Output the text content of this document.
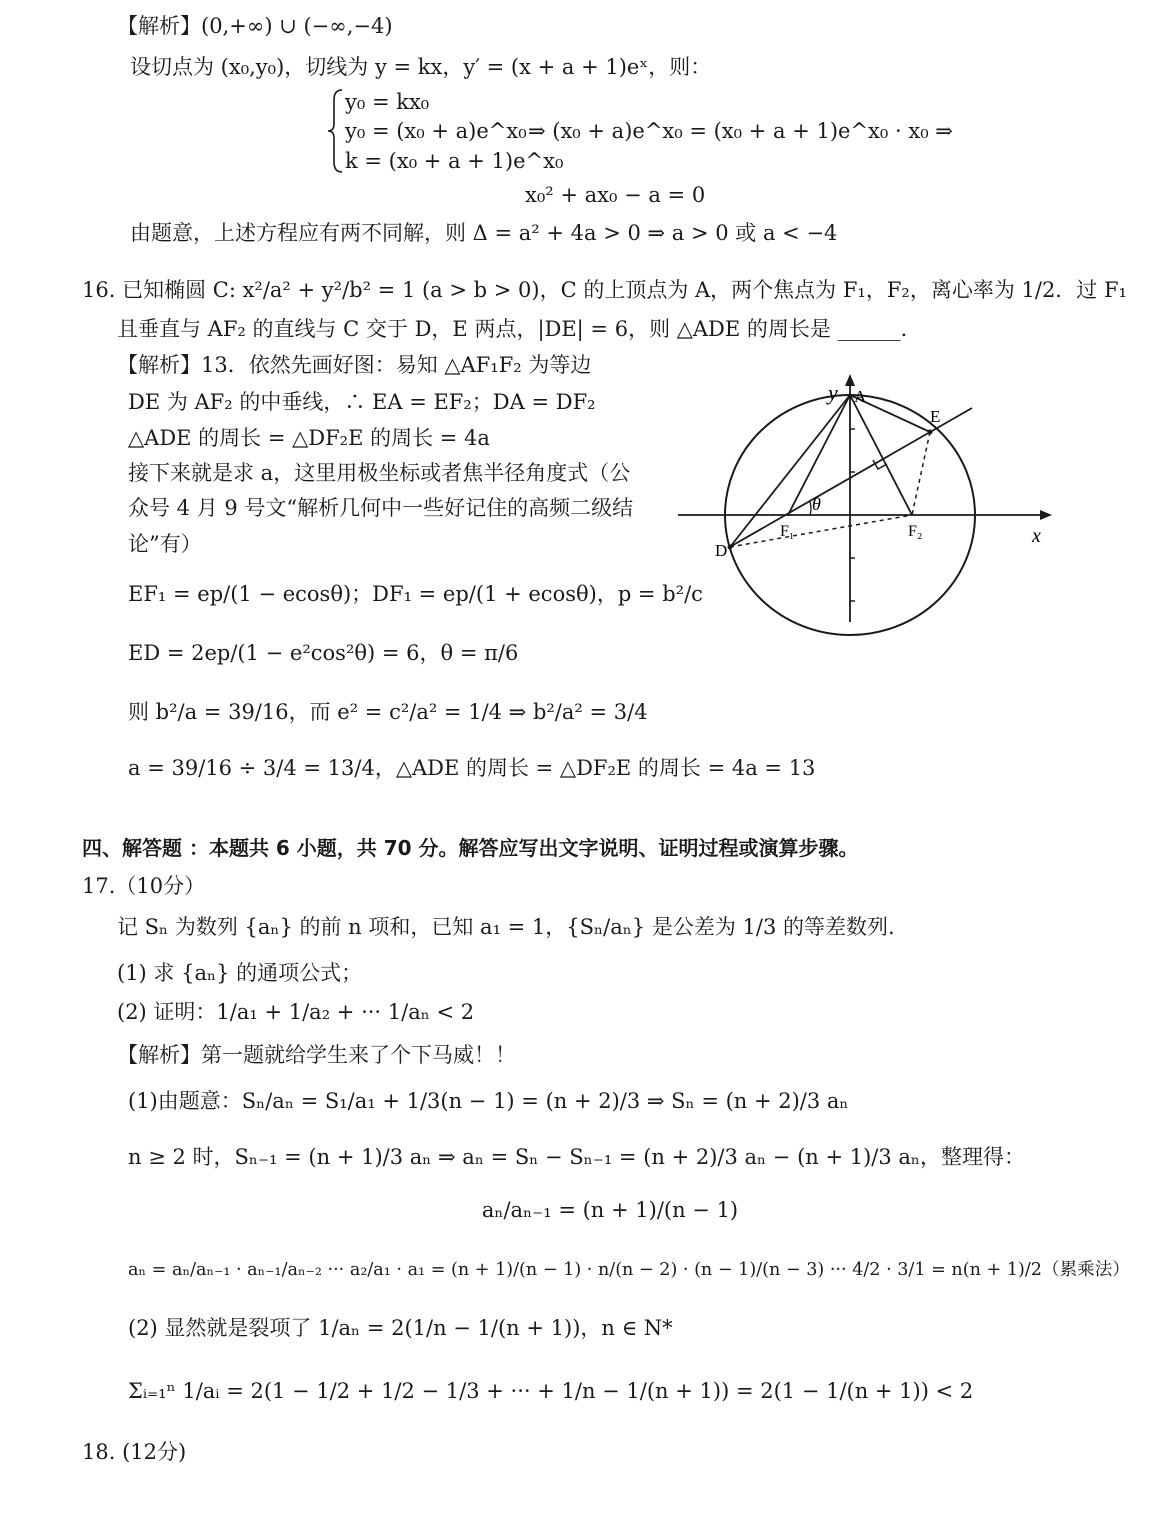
【解析】(0,+∞) ∪ (−∞,−4)
设切点为 (x₀,y₀)，切线为 y = kx，y′ = (x + a + 1)eˣ，则：
y₀ = kx₀
y₀ = (x₀ + a)e^x₀
k = (x₀ + a + 1)e^x₀
⇒ (x₀ + a)e^x₀ = (x₀ + a + 1)e^x₀ · x₀ ⇒
x₀² + ax₀ − a = 0
由题意，上述方程应有两不同解，则 Δ = a² + 4a > 0 ⇒ a > 0 或 a < −4
16. 已知椭圆 C: x²/a² + y²/b² = 1 (a > b > 0)，C 的上顶点为 A，两个焦点为 F₁，F₂，离心率为 1/2．过 F₁
且垂直与 AF₂ 的直线与 C 交于 D，E 两点，|DE| = 6，则 △ADE 的周长是 ______．
【解析】13．依然先画好图：易知 △AF₁F₂ 为等边
DE 为 AF₂ 的中垂线，∴ EA = EF₂；DA = DF₂
△ADE 的周长 = △DF₂E 的周长 = 4a
接下来就是求 a，这里用极坐标或者焦半径角度式（公
众号 4 月 9 号文“解析几何中一些好记住的高频二级结
论”有）
EF₁ = ep/(1 − ecosθ)；DF₁ = ep/(1 + ecosθ)，p = b²/c
ED = 2ep/(1 − e²cos²θ) = 6，θ = π/6
则 b²/a = 39/16，而 e² = c²/a² = 1/4 ⇒ b²/a² = 3/4
a = 39/16 ÷ 3/4 = 13/4，△ADE 的周长 = △DF₂E 的周长 = 4a = 13
y A
E
x
D
F₁	F₂
θ
四、解答题 ：本题共 6 小题，共 70 分。解答应写出文字说明、证明过程或演算步骤。
17.（10分）
记 Sₙ 为数列 {aₙ} 的前 n 项和，已知 a₁ = 1，{Sₙ/aₙ} 是公差为 1/3 的等差数列.
(1) 求 {aₙ} 的通项公式；
(2) 证明：1/a₁ + 1/a₂ + ··· 1/aₙ < 2
【解析】第一题就给学生来了个下马威！！
(1)由题意：Sₙ/aₙ = S₁/a₁ + 1/3(n − 1) = (n + 2)/3 ⇒ Sₙ = (n + 2)/3 aₙ
n ≥ 2 时，Sₙ₋₁ = (n + 1)/3 aₙ ⇒ aₙ = Sₙ − Sₙ₋₁ = (n + 2)/3 aₙ − (n + 1)/3 aₙ，整理得：
aₙ/aₙ₋₁ = (n + 1)/(n − 1)
aₙ = aₙ/aₙ₋₁ · aₙ₋₁/aₙ₋₂ ··· a₂/a₁ · a₁ = (n + 1)/(n − 1) · n/(n − 2) · (n − 1)/(n − 3) ··· 4/2 · 3/1 = n(n + 1)/2（累乘法）
(2) 显然就是裂项了 1/aₙ = 2(1/n − 1/(n + 1))，n ∈ N*
Σᵢ₌₁ⁿ 1/aᵢ = 2(1 − 1/2 + 1/2 − 1/3 + ··· + 1/n − 1/(n + 1)) = 2(1 − 1/(n + 1)) < 2
18. (12分)
